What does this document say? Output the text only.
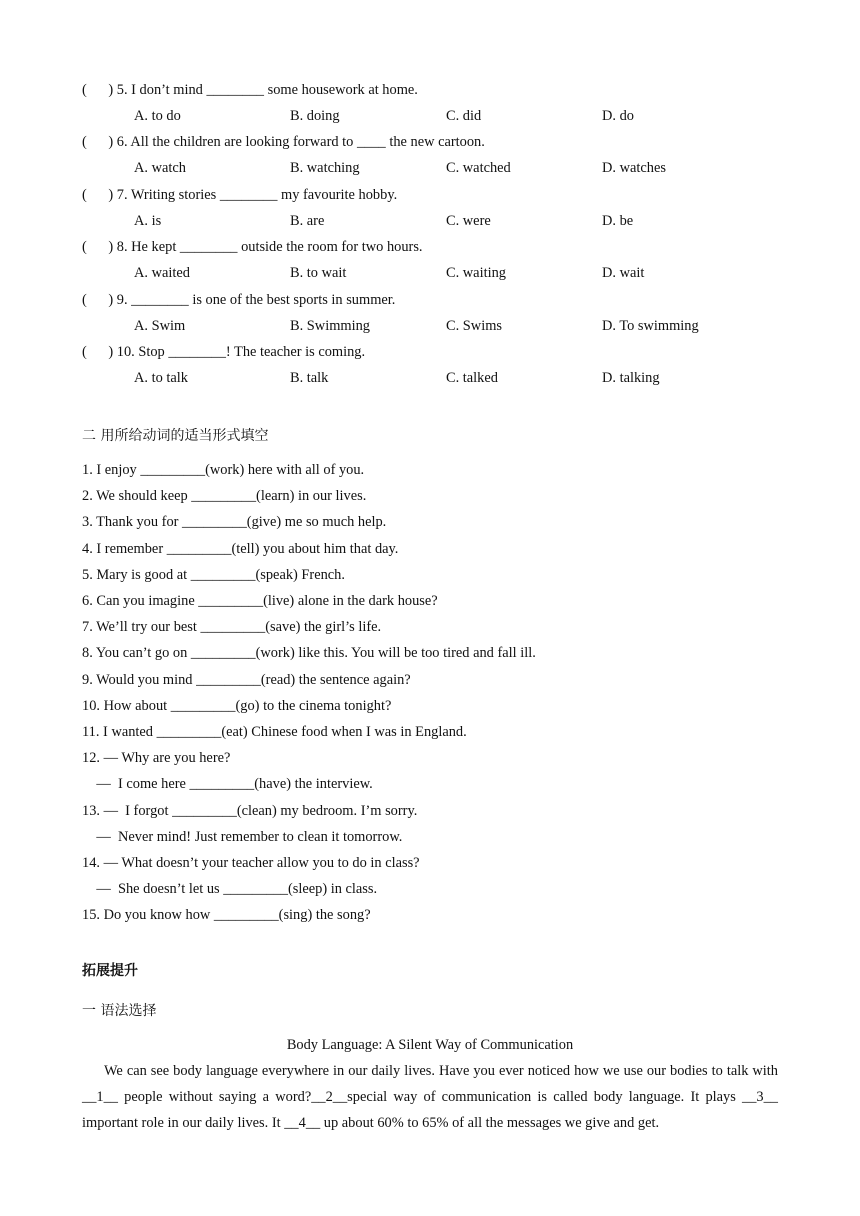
(      ) 5. I don’t mind ________ some housework at home.
A. to do	B. doing	C. did	D. do
(      ) 6. All the children are looking forward to ____ the new cartoon.
A. watch	B. watching	C. watched	D. watches
(      ) 7. Writing stories ________ my favourite hobby.
A. is	B. are	C. were	D. be
(      ) 8. He kept ________ outside the room for two hours.
A. waited	B. to wait	C. waiting	D. wait
(      ) 9. ________ is one of the best sports in summer.
A. Swim	B. Swimming	C. Swims	D. To swimming
(      ) 10. Stop ________! The teacher is coming.
A. to talk	B. talk	C. talked	D. talking
二 用所给动词的适当形式填空
1. I enjoy _________(work) here with all of you.
2. We should keep _________(learn) in our lives.
3. Thank you for _________(give) me so much help.
4. I remember _________(tell) you about him that day.
5. Mary is good at _________(speak) French.
6. Can you imagine _________(live) alone in the dark house?
7. We’ll try our best _________(save) the girl’s life.
8. You can’t go on _________(work) like this. You will be too tired and fall ill.
9. Would you mind _________(read) the sentence again?
10. How about _________(go) to the cinema tonight?
11. I wanted _________(eat) Chinese food when I was in England.
12. — Why are you here?
—  I come here _________(have) the interview.
13. —  I forgot _________(clean) my bedroom. I’m sorry.
—  Never mind! Just remember to clean it tomorrow.
14. — What doesn’t your teacher allow you to do in class?
—  She doesn’t let us _________(sleep) in class.
15. Do you know how _________(sing) the song?
拓展提升
一 语法选择
Body Language: A Silent Way of Communication
We can see body language everywhere in our daily lives. Have you ever noticed how we use our bodies to talk with __1__ people without saying a word?__2__special way of communication is called body language. It plays __3__ important role in our daily lives. It __4__ up about 60% to 65% of all the messages we give and get.
